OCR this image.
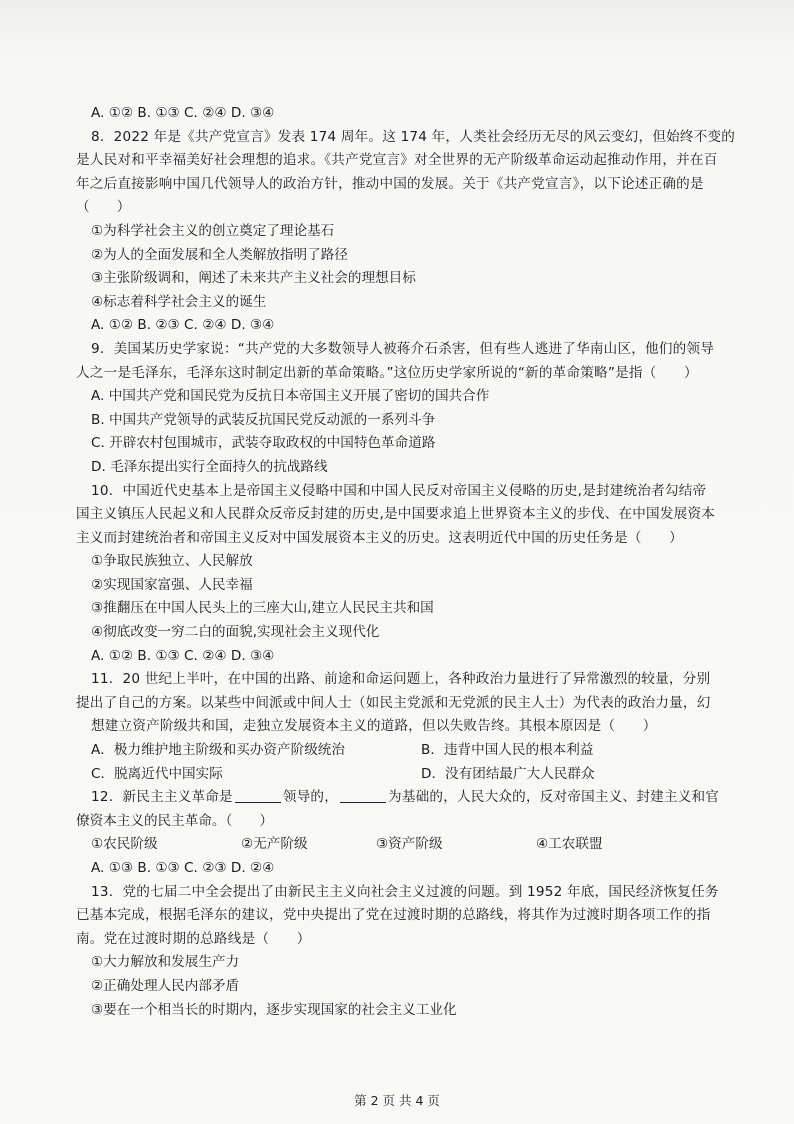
A. ①② B. ①③ C. ②④ D. ③④
8．2022 年是《共产党宣言》发表 174 周年。这 174 年，人类社会经历无尽的风云变幻，但始终不变的
是人民对和平幸福美好社会理想的追求。《共产党宣言》对全世界的无产阶级革命运动起推动作用，并在百
年之后直接影响中国几代领导人的政治方针，推动中国的发展。关于《共产党宣言》，以下论述正确的是
（　　）
①为科学社会主义的创立奠定了理论基石
②为人的全面发展和全人类解放指明了路径
③主张阶级调和，阐述了未来共产主义社会的理想目标
④标志着科学社会主义的诞生
A. ①② B. ②③ C. ②④ D. ③④
9．美国某历史学家说：“共产党的大多数领导人被蒋介石杀害，但有些人逃进了华南山区，他们的领导
人之一是毛泽东，毛泽东这时制定出新的革命策略。”这位历史学家所说的“新的革命策略”是指（　　）
A. 中国共产党和国民党为反抗日本帝国主义开展了密切的国共合作
B. 中国共产党领导的武装反抗国民党反动派的一系列斗争
C. 开辟农村包围城市，武装夺取政权的中国特色革命道路
D. 毛泽东提出实行全面持久的抗战路线
10．中国近代史基本上是帝国主义侵略中国和中国人民反对帝国主义侵略的历史,是封建统治者勾结帝
国主义镇压人民起义和人民群众反帝反封建的历史,是中国要求追上世界资本主义的步伐、在中国发展资本
主义而封建统治者和帝国主义反对中国发展资本主义的历史。这表明近代中国的历史任务是（　　）
①争取民族独立、人民解放
②实现国家富强、人民幸福
③推翻压在中国人民头上的三座大山,建立人民民主共和国
④彻底改变一穷二白的面貌,实现社会主义现代化
A. ①② B. ①③ C. ②④ D. ③④
11．20 世纪上半叶，在中国的出路、前途和命运问题上，各种政治力量进行了异常激烈的较量，分别
提出了自己的方案。以某些中间派或中间人士（如民主党派和无党派的民主人士）为代表的政治力量，幻
想建立资产阶级共和国，走独立发展资本主义的道路，但以失败告终。其根本原因是（　　）
A．极力维护地主阶级和买办资产阶级统治	B．违背中国人民的根本利益
C．脱离近代中国实际	D．没有团结最广大人民群众
12．新民主主义革命是	领导的，	为基础的，人民大众的，反对帝国主义、封建主义和官
僚资本主义的民主革命。（　　）
①农民阶级	②无产阶级	③资产阶级	④工农联盟
A. ①③ B. ①③ C. ②③ D. ②④
13．党的七届二中全会提出了由新民主主义向社会主义过渡的问题。到 1952 年底，国民经济恢复任务
已基本完成，根据毛泽东的建议，党中央提出了党在过渡时期的总路线，将其作为过渡时期各项工作的指
南。党在过渡时期的总路线是（　　）
①大力解放和发展生产力
②正确处理人民内部矛盾
③要在一个相当长的时期内，逐步实现国家的社会主义工业化
第 2 页 共 4 页
